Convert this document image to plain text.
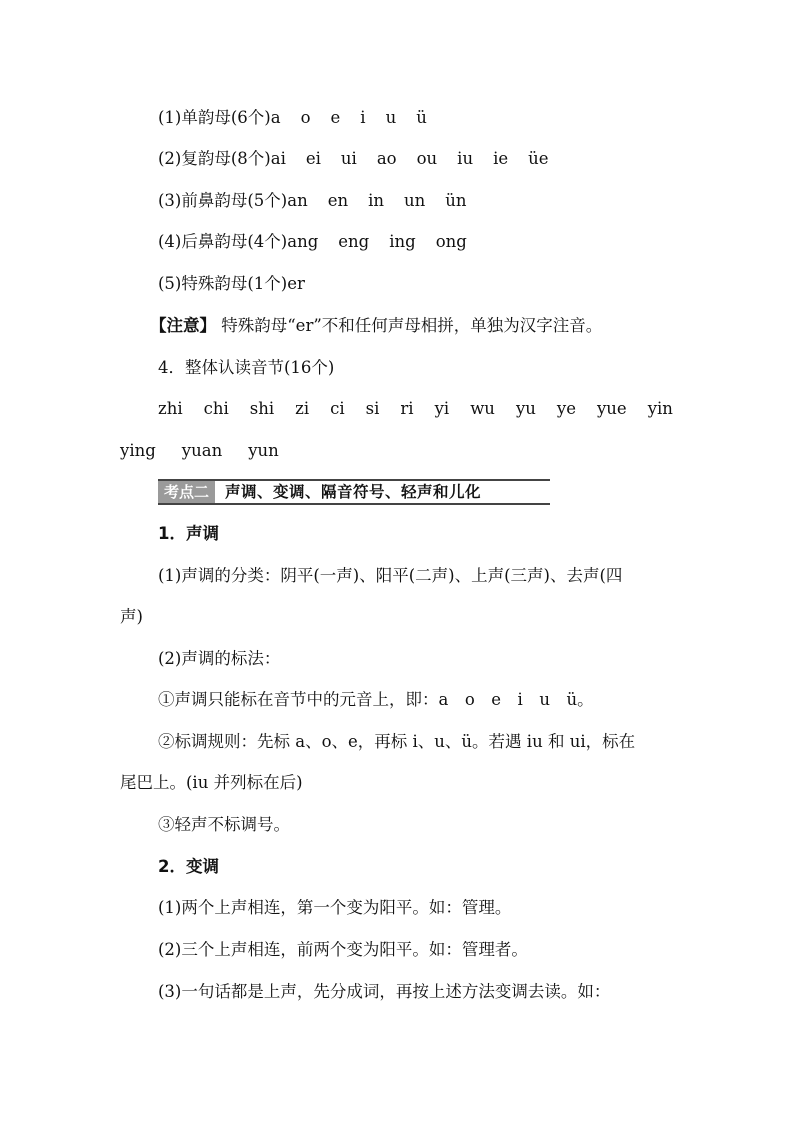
(1)单韵母(6个)a o e i u ü
(2)复韵母(8个)ai ei ui ao ou iu ie üe
(3)前鼻韵母(5个)an en in un ün
(4)后鼻韵母(4个)ang eng ing ong
(5)特殊韵母(1个)er
【注意】 特殊韵母“er”不和任何声母相拼，单独为汉字注音。
4．整体认读音节(16个)
zhi chi shi zi ci si ri yi wu yu ye yue yin
ying yuan yun
考点二	声调、变调、隔音符号、轻声和儿化
1．声调
(1)声调的分类：阴平(一声)、阳平(二声)、上声(三声)、去声(四
声)
(2)声调的标法：
①声调只能标在音节中的元音上，即：a　o　e　i　u　ü。
②标调规则：先标 a、o、e，再标 i、u、ü。若遇 iu 和 ui，标在
尾巴上。(iu 并列标在后)
③轻声不标调号。
2．变调
(1)两个上声相连，第一个变为阳平。如：管理。
(2)三个上声相连，前两个变为阳平。如：管理者。
(3)一句话都是上声，先分成词，再按上述方法变调去读。如：
